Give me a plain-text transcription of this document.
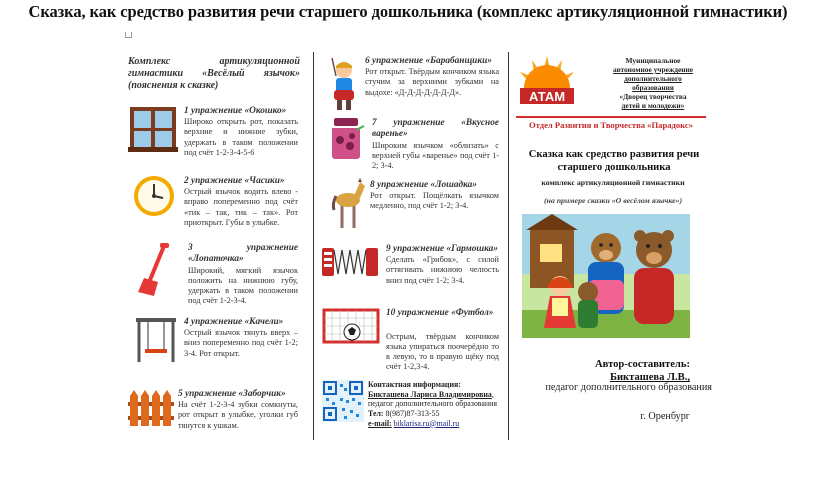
Сказка, как средство развития речи старшего дошкольника (комплекс артикуляционной гимнастики)
Комплекс артикуляционной гимнастики «Весёлый язычок» (пояснения к сказке)
1 упражнение «Окошко»
Широко открыть рот, показать верхние и нижние зубки, удержать в таком положении под счёт 1-2-3-4-5-6
2 упражнение «Часики»
Острый язычок водить влево - вправо попеременно под счёт «тик – так, тик – так». Рот приоткрыт. Губы в улыбке.
3 упражнение «Лопаточка»
Широкий, мягкий язычок положить на нижнюю губу, удержать в таком положении под счёт 1-2-3-4.
4 упражнение «Качели»
Острый язычок тянуть вверх – вниз попеременно под счёт 1-2; 3-4. Рот открыт.
5 упражнение «Заборчик»
На счёт 1-2-3-4 зубки сомкнуты, рот открыт в улыбке, уголки губ тянутся к ушкам.
6 упражнение «Барабанщики»
Рот открыт. Твёрдым кончиком языка стучим за верхними зубками на выдохе: «Д-Д-Д-Д-Д-Д-Д».
7 упражнение «Вкусное варенье»
Широким язычком «облизать» с верхней губы «варенье» под счёт 1-2; 3-4.
8 упражнение «Лошадка»
Рот открыт. Пощёлкать язычком медленно, под счёт 1-2; 3-4.
9 упражнение «Гармошка»
Сделать «Грибок», с силой оттягивать нижнюю челюсть вниз под счёт 1-2; 3-4.
10 упражнение «Футбол»
Острым, твёрдым кончиком языка упираться поочерёдно то в левую, то в правую щёку под счёт 1-2,3-4.
Контактная информация:
Бикташева Лариса Владимировна, педагог дополнительного образования
Тел: 8(987)87-313-55
e-mail: biklarisa.ru@mail.ru
АТАМ
Муниципальное
автономное учреждение
дополнительного
образования
«Дворец творчества
детей и молодежи»
Отдел Развития и Творчества «Парадокс»
Сказка как средство развития речи старшего дошкольника
комплекс артикуляционной гимнастики
(на примере сказки «О весёлом язычке»)
Автор-составитель:
Бикташева Л.В.,
педагог дополнительного образования
г. Оренбург
